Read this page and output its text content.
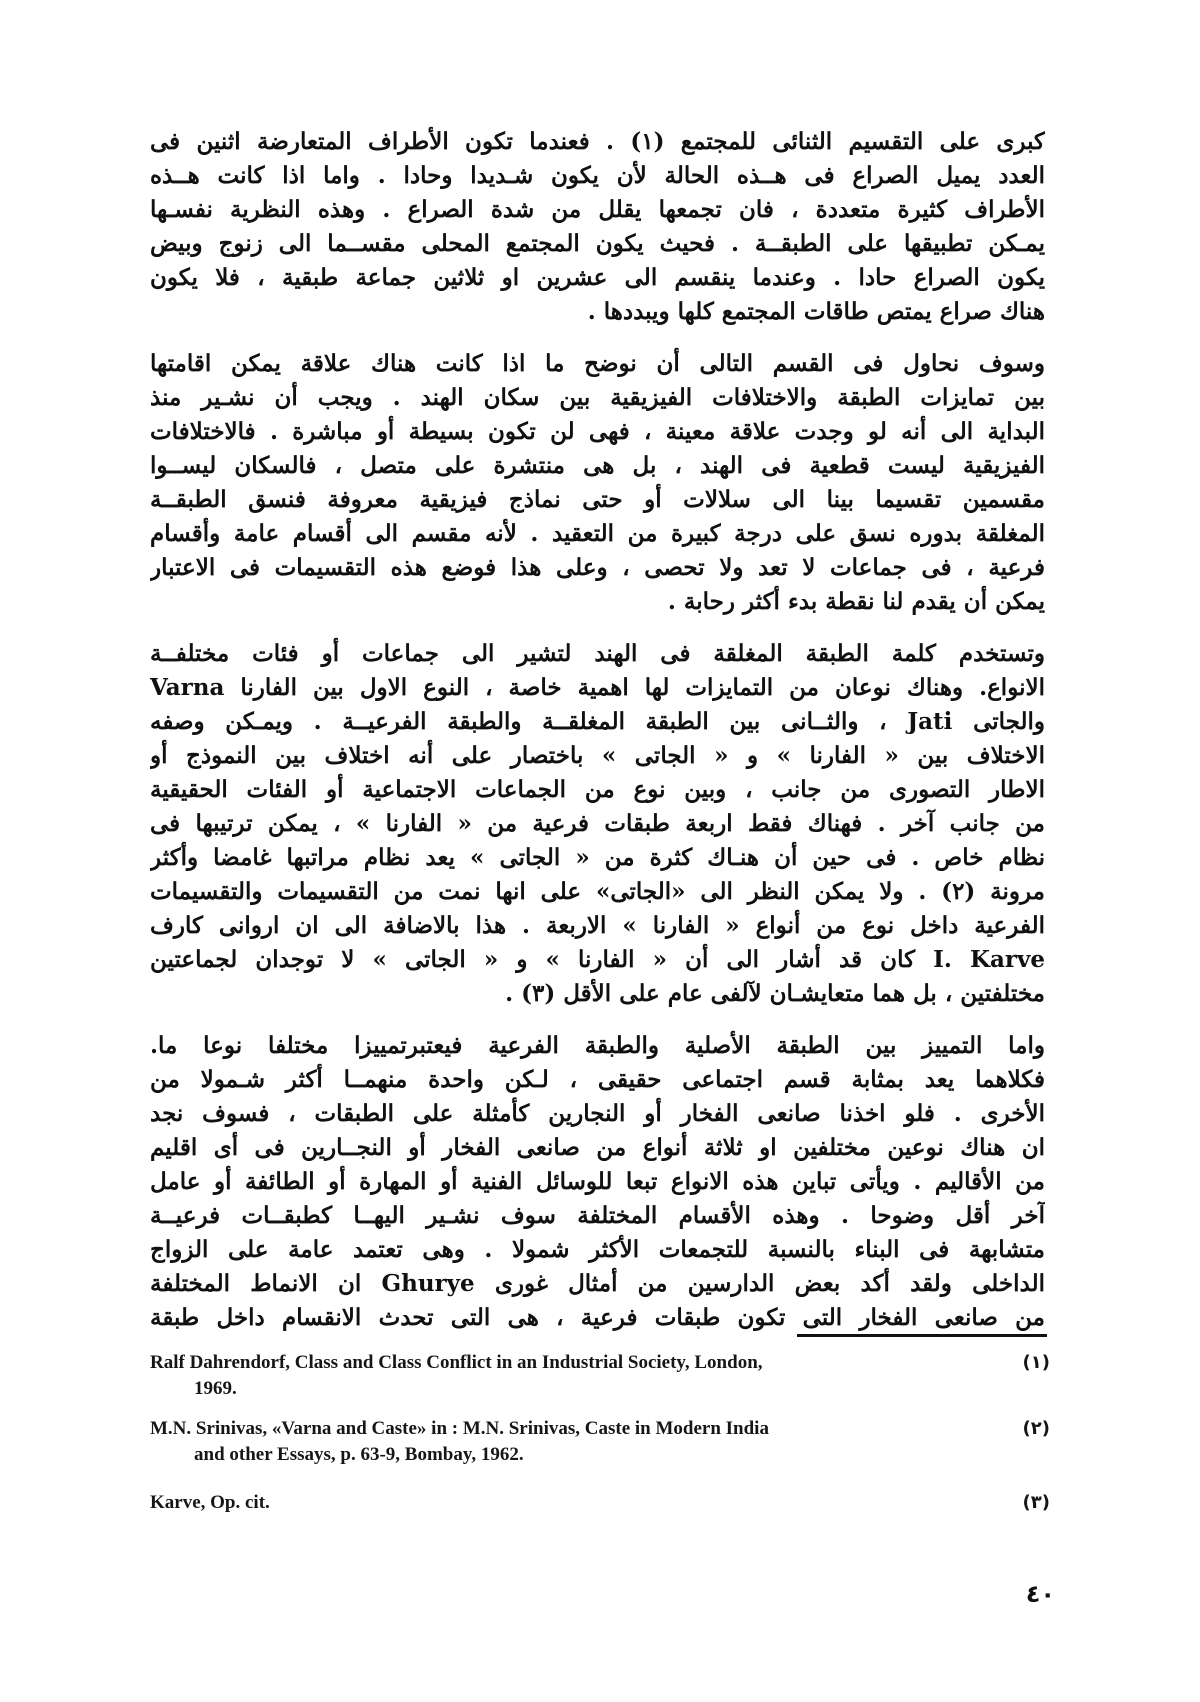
كبرى على التقسيم الثنائى للمجتمع (١) . فعندما تكون الأطراف المتعارضة اثنين فى
العدد يميل الصراع فى هــذه الحالة لأن يكون شـديدا وحادا . واما اذا كانت هــذه
الأطراف كثيرة متعددة ، فان تجمعها يقلل من شدة الصراع . وهذه النظرية نفسـها
يمـكن تطبيقها على الطبقــة . فحيث يكون المجتمع المحلى مقســما الى زنوج وبيض
يكون الصراع حادا . وعندما ينقسم الى عشرين او ثلاثين جماعة طبقية ، فلا يكون
هناك صراع يمتص طاقات المجتمع كلها ويبددها .
وسوف نحاول فى القسم التالى أن نوضح ما اذا كانت هناك علاقة يمكن اقامتها
بين تمايزات الطبقة والاختلافات الفيزيقية بين سكان الهند . ويجب أن نشـير منذ
البداية الى أنه لو وجدت علاقة معينة ، فهى لن تكون بسيطة أو مباشرة . فالاختلافات
الفيزيقية ليست قطعية فى الهند ، بل هى منتشرة على متصل ، فالسكان ليســوا
مقسمين تقسيما بينا الى سلالات أو حتى نماذج فيزيقية معروفة فنسق الطبقــة
المغلقة بدوره نسق على درجة كبيرة من التعقيد . لأنه مقسم الى أقسام عامة وأقسام
فرعية ، فى جماعات لا تعد ولا تحصى ، وعلى هذا فوضع هذه التقسيمات فى الاعتبار
يمكن أن يقدم لنا نقطة بدء أكثر رحابة .
وتستخدم كلمة الطبقة المغلقة فى الهند لتشير الى جماعات أو فئات مختلفــة
الانواع. وهناك نوعان من التمايزات لها اهمية خاصة ، النوع الاول بين الفارنا Varna
والجاتى Jati ، والثــانى بين الطبقة المغلقــة والطبقة الفرعيــة . ويمـكن وصفه
الاختلاف بين « الفارنا » و « الجاتى » باختصار على أنه اختلاف بين النموذج أو
الاطار التصورى من جانب ، وبين نوع من الجماعات الاجتماعية أو الفئات الحقيقية
من جانب آخر . فهناك فقط اربعة طبقات فرعية من « الفارنا » ، يمكن ترتيبها فى
نظام خاص . فى حين أن هنـاك كثرة من « الجاتى » يعد نظام مراتبها غامضا وأكثر
مرونة (٢) . ولا يمكن النظر الى «الجاتى» على انها نمت من التقسيمات والتقسيمات
الفرعية داخل نوع من أنواع « الفارنا » الاربعة . هذا بالاضافة الى ان اروانى كارف
I. Karve كان قد أشار الى أن « الفارنا » و « الجاتى » لا توجدان لجماعتين
مختلفتين ، بل هما متعايشـان لآلفى عام على الأقل (٣) .
واما التمييز بين الطبقة الأصلية والطبقة الفرعية فيعتبرتمييزا مختلفا نوعا ما.
فكلاهما يعد بمثابة قسم اجتماعى حقيقى ، لـكن واحدة منهمــا أكثر شـمولا من
الأخرى . فلو اخذنا صانعى الفخار أو النجارين كأمثلة على الطبقات ، فسوف نجد
ان هناك نوعين مختلفين او ثلاثة أنواع من صانعى الفخار أو النجــارين فى أى اقليم
من الأقاليم . ويأتى تباين هذه الانواع تبعا للوسائل الفنية أو المهارة أو الطائفة أو عامل
آخر أقل وضوحا . وهذه الأقسام المختلفة سوف نشـير اليهــا كطبقــات فرعيــة
متشابهة فى البناء بالنسبة للتجمعات الأكثر شمولا . وهى تعتمد عامة على الزواج
الداخلى ولقد أكد بعض الدارسين من أمثال غورى Ghurye ان الانماط المختلفة
من صانعى الفخار التى تكون طبقات فرعية ، هى التى تحدث الانقسام داخل طبقة
(١)
Ralf Dahrendorf, Class and Class Conflict in an Industrial Society, London,
1969.
(٢)
M.N. Srinivas, «Varna and Caste» in : M.N. Srinivas, Caste in Modern India
and other Essays, p. 63-9, Bombay, 1962.
(٣)
Karve, Op. cit.
٤٠
